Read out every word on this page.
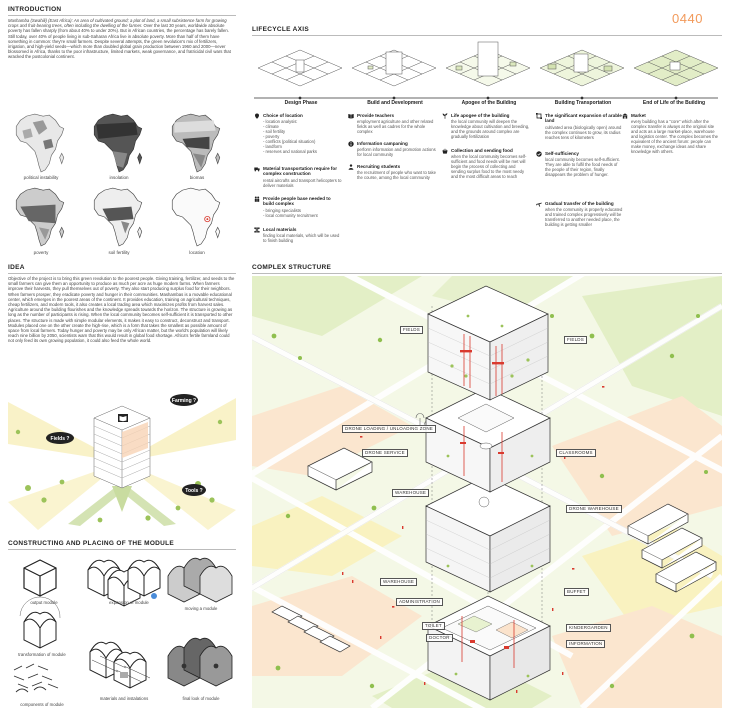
INTRODUCTION
Mashamba (Swahili) (East Africa): An area of cultivated ground; a plot of land, a small subsistence farm for growing crops and fruit-bearing trees, often including the dwelling of the farmer. Over the last 30 years, worldwide absolute poverty has fallen sharply (from about 40% to under 20%). But in African countries, the percentage has barely fallen. Still today, over 40% of people living in sub-Saharan Africa live in absolute poverty. More than half of them have something in common: they're small farmers. Despite several attempts, the green revolution's mix of fertilizers, irrigation, and high-yield seeds—which more than doubled global grain production between 1960 and 2000—never blossomed in Africa, thanks to the poor infrastructure, limited markets, weak governance, and fratricidal civil wars that wracked the postcolonial continent.
political instability	insolation	biomas
poverty	soil fertility	location
LIFECYCLE AXIS
0440
Design Phase	Build and Development	Apogee of the Building	Building Transportation	End of Life of the Building
Choice of location
- location analysis:
- climate
- soil fertility
- poverty
- conflicts (political situation)
- landform
- reserves and national parks
Material transportation require for complex construction
rental aircrafts and transport helicopters to deliver materials
Provide people base needed to build complex
- bringing specialists
- local community recruitment
Local materials
finding local materials, which will be used to finish building
Provide teachers
employment agriculture and other related fields as well as cadres for the whole complex
Information campaning
perform information and promotion actions for local community
Recruiting students
the recruitment of people who want to take the course, among the local community
Life apogee of the building
the local community will deepen the knowledge about cultivation and breeding, and the grounds around complex are gradually fertilization
Collection and sending food
when the local community becomes self-sufficient and food needs will be met will begin the process of collecting and sending surplus food to the most needy and the most difficult areas to reach
The significant expansion of arable land
cultivated area (biologically open) around the complex continues to grow, its radius reaches tens of kilometers
Self-sufficiency
local community becomes self-sufficient. They are able to fulfil the food needs of the people of their region, finally disappears the problem of hunger.
Gradual transfer of the building
when the community is properly educated and trained complex progressively will be transferred to another needed place, the building is getting smaller
Market
every building has a "core" which after the complex transfer is always at the original site and acts as a large market-place, warehouse and logistics center. The complex becomes the equivalent of the ancient forum: people can make money, exchange ideas and share knowledge with others.
IDEA
Objective of the project is to bring this green revolution to the poorest people. Giving training, fertilizer, and seeds to the small farmers can give them an opportunity to produce as much per acre as huge modern farms. When farmers improve their harvests, they pull themselves out of poverty. They also start producing surplus food for their neighbors. When farmers prosper, they eradicate poverty and hunger in their communities. Mashambas is a movable educational center, which emerges in the poorest areas of the continent. It provides education, training on agricultural techniques, cheap fertilizers, and modern tools, it also creates a local trading area which maximizes profits from harvest sales. Agriculture around the building flourishes and the knowledge spreads towards the horizon. The structure is growing as long as the number of participants is rising. When the local community becomes self-sufficient it is transported to other places. The structure is made with simple modular elements, it makes it easy to construct, deconstruct and transport. Modules placed one on the other create the high-rise, which is a form that takes the smallest as possible amount of space from local farmers. Today hunger and poverty may be only African matter, but the world's population will likely reach nine billion by 2050, scientists warn that this would result in global food shortage. Africa's fertile farmland could not only feed its own growing population, it could also feed the whole world.
Fields ?
Farming ?
Tools ?
CONSTRUCTING AND PLACING OF THE MODULE
output module	expansion of module
moving a module
transformation of module
components of module
materials and instalations	final look of module
COMPLEX STRUCTURE
FIELDS
FIELDS
DRONE LOADING / UNLOADING ZONE
DRONE SERVICE	CLASSROOMS
WAREHOUSE
DRONE WAREHOUSE
WAREHOUSE
ADMINISTRATION
BUFFET
TOILET
DOCTOR
KINDERGARDEN
INFORMATION
